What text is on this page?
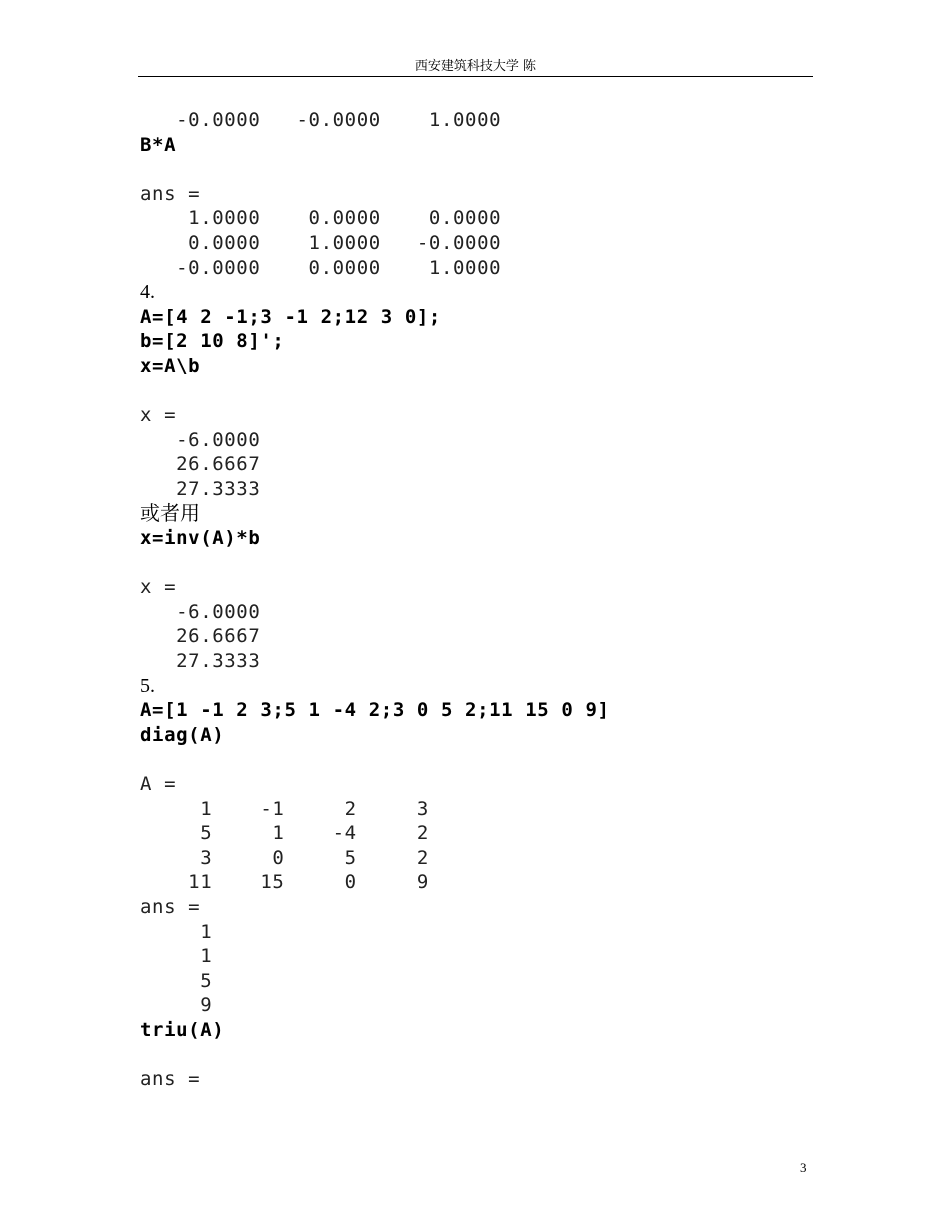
西安建筑科技大学 陈
-0.0000   -0.0000    1.0000
B*A
ans =
1.0000    0.0000    0.0000
0.0000    1.0000   -0.0000
-0.0000    0.0000    1.0000
4.
A=[4 2 -1;3 -1 2;12 3 0];
b=[2 10 8]';
x=A\b
x =
-6.0000
26.6667
27.3333
或者用
x=inv(A)*b
x =
-6.0000
26.6667
27.3333
5.
A=[1 -1 2 3;5 1 -4 2;3 0 5 2;11 15 0 9]
diag(A)
A =
1    -1     2     3
5     1    -4     2
3     0     5     2
11    15     0     9
ans =
1
1
5
9
triu(A)
ans =
3
